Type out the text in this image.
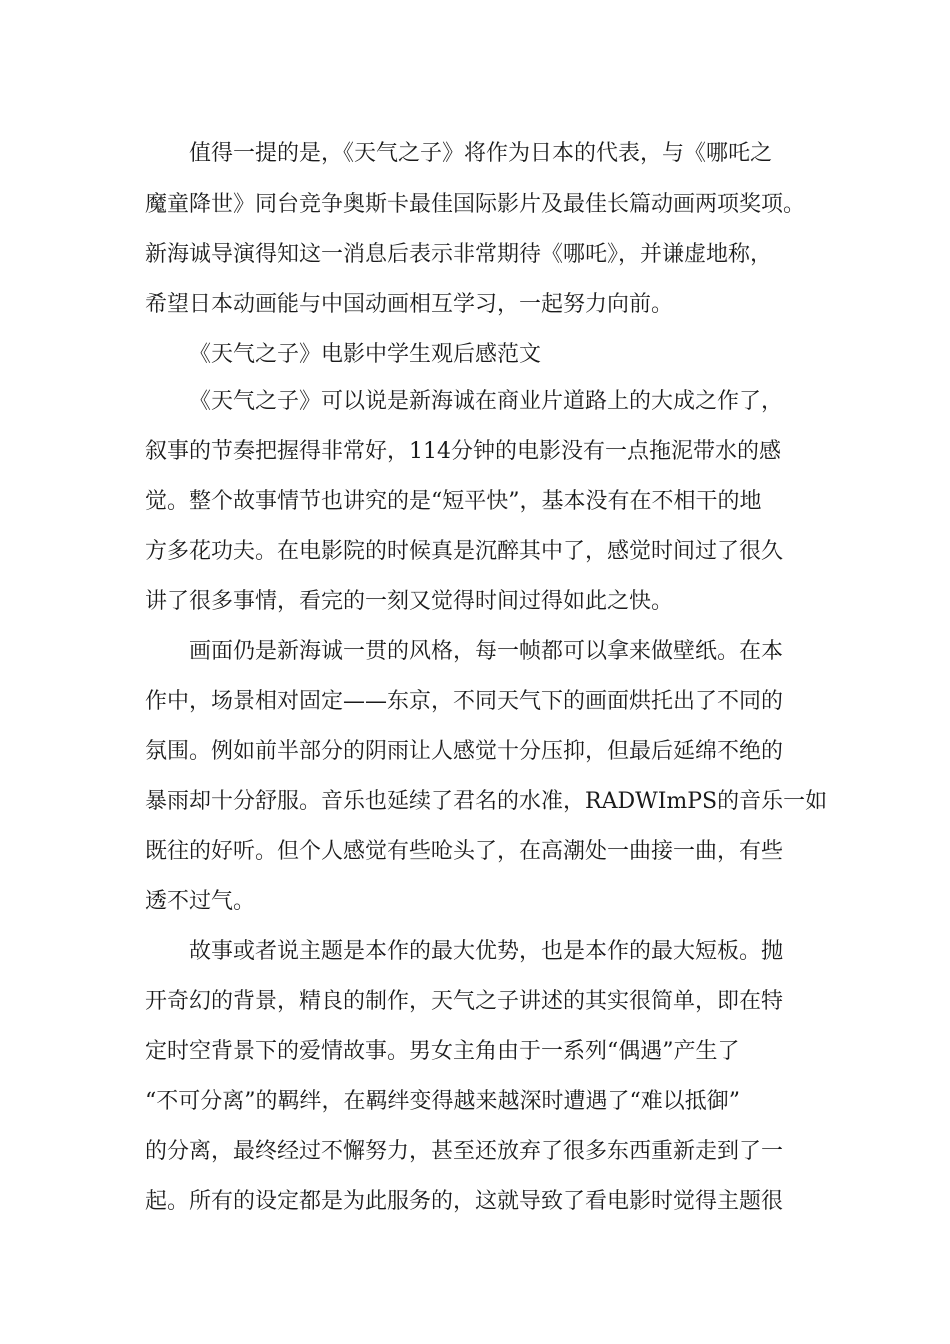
值得一提的是，《天气之子》将作为日本的代表，与《哪吒之
魔童降世》同台竞争奥斯卡最佳国际影片及最佳长篇动画两项奖项。
新海诚导演得知这一消息后表示非常期待《哪吒》，并谦虚地称，
希望日本动画能与中国动画相互学习，一起努力向前。
《天气之子》电影中学生观后感范文
《天气之子》可以说是新海诚在商业片道路上的大成之作了，
叙事的节奏把握得非常好，114分钟的电影没有一点拖泥带水的感
觉。整个故事情节也讲究的是“短平快”，基本没有在不相干的地
方多花功夫。在电影院的时候真是沉醉其中了，感觉时间过了很久
讲了很多事情，看完的一刻又觉得时间过得如此之快。
画面仍是新海诚一贯的风格，每一帧都可以拿来做壁纸。在本
作中，场景相对固定——东京，不同天气下的画面烘托出了不同的
氛围。例如前半部分的阴雨让人感觉十分压抑，但最后延绵不绝的
暴雨却十分舒服。音乐也延续了君名的水准，RADWImPS的音乐一如
既往的好听。但个人感觉有些呛头了，在高潮处一曲接一曲，有些
透不过气。
故事或者说主题是本作的最大优势，也是本作的最大短板。抛
开奇幻的背景，精良的制作，天气之子讲述的其实很简单，即在特
定时空背景下的爱情故事。男女主角由于一系列“偶遇”产生了
“不可分离”的羁绊，在羁绊变得越来越深时遭遇了“难以抵御”
的分离，最终经过不懈努力，甚至还放弃了很多东西重新走到了一
起。所有的设定都是为此服务的，这就导致了看电影时觉得主题很
